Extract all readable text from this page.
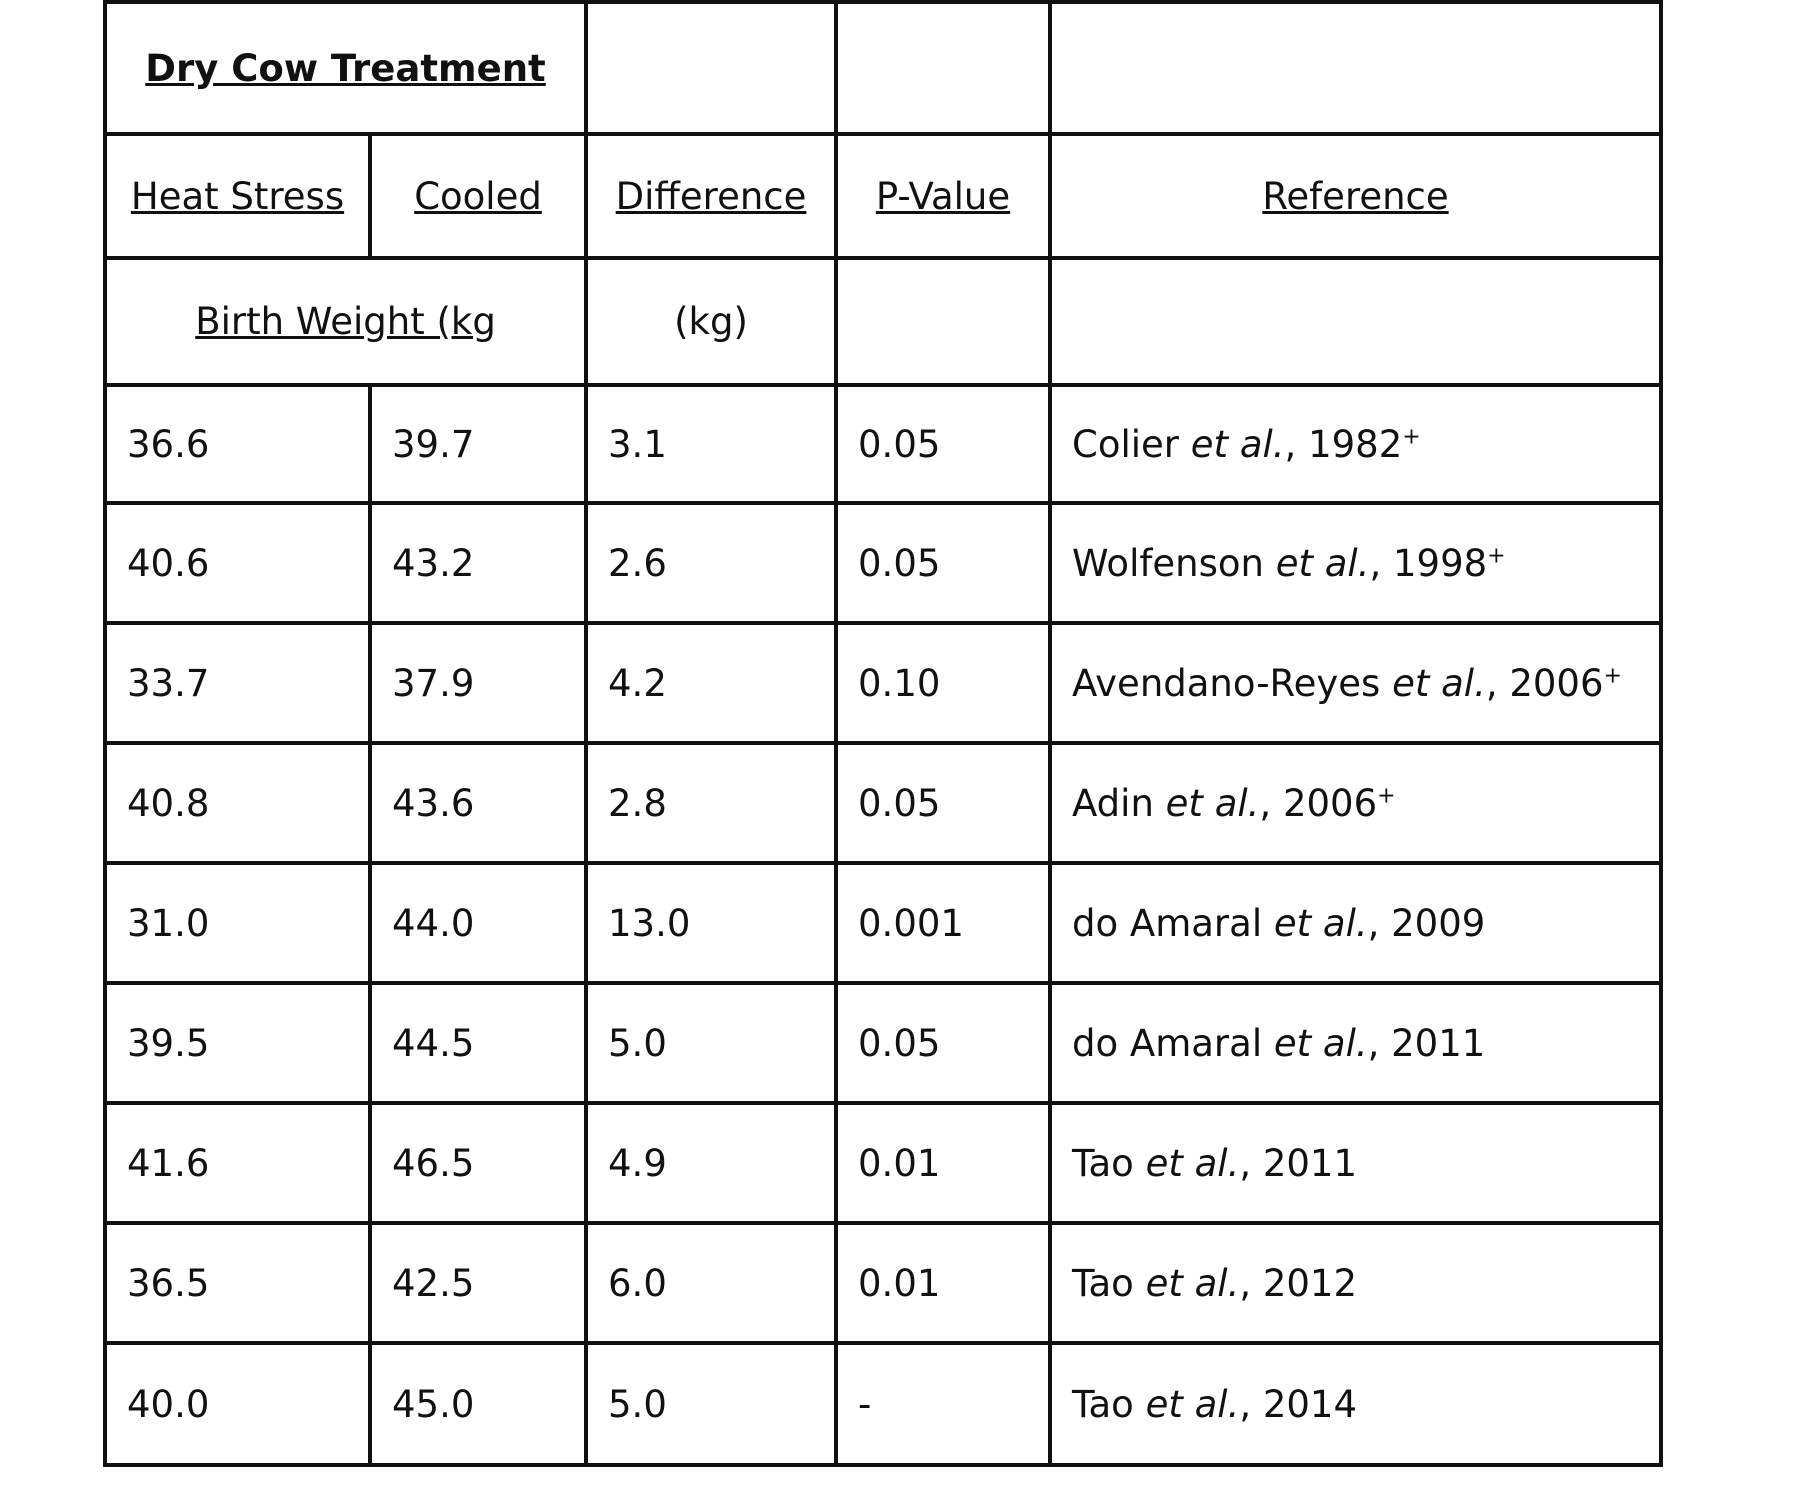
Dry Cow Treatment				
Heat Stress	Cooled	Difference	P-Value	Reference
Birth Weight (kg		(kg)		
36.6	39.7	3.1	0.05	Colier et al., 1982+
40.6	43.2	2.6	0.05	Wolfenson et al., 1998+
33.7	37.9	4.2	0.10	Avendano-Reyes et al., 2006+
40.8	43.6	2.8	0.05	Adin et al., 2006+
31.0	44.0	13.0	0.001	do Amaral et al., 2009
39.5	44.5	5.0	0.05	do Amaral et al., 2011
41.6	46.5	4.9	0.01	Tao et al., 2011
36.5	42.5	6.0	0.01	Tao et al., 2012
40.0	45.0	5.0	-	Tao et al., 2014
